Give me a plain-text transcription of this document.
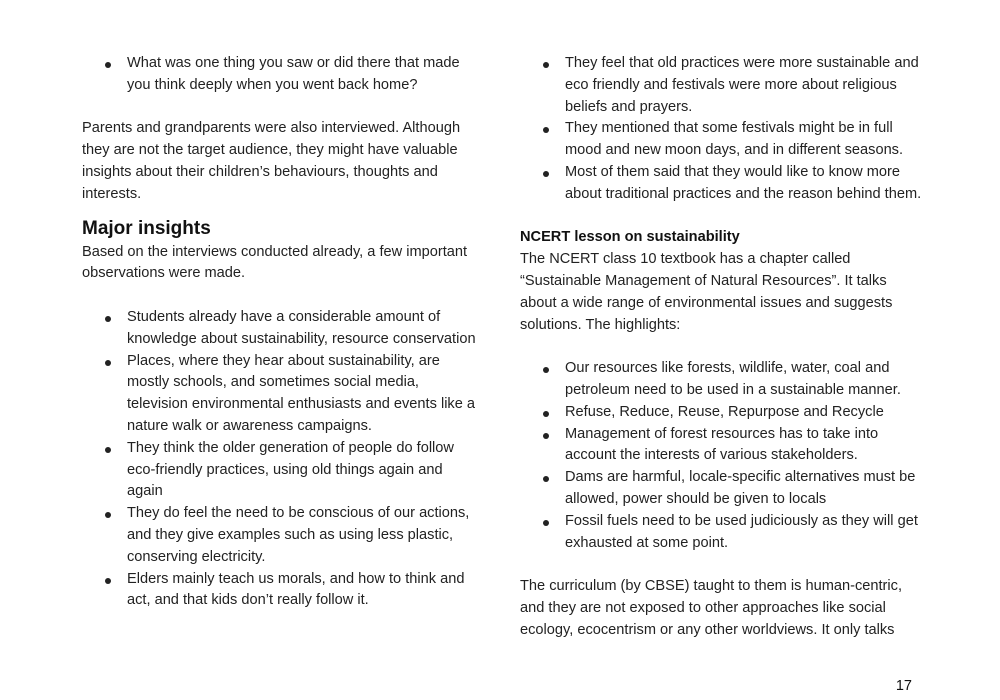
What was one thing you saw or did there that made you think deeply when you went back home?

Parents and grandparents were also interviewed. Although they are not the target audience, they might have valuable insights about their children’s behaviours, thoughts and interests.

Major insights

Based on the interviews conducted already, a few important observations were made.

Students already have a considerable amount of knowledge about sustainability, resource conservation
Places, where they hear about sustainability, are mostly schools, and sometimes social media, television environmental enthusiasts and events like a nature walk or awareness campaigns.
They think the older generation of people do follow eco-friendly practices, using old things again and again
They do feel the need to be conscious of our actions, and they give examples such as using less plastic, conserving electricity.
Elders mainly teach us morals, and how to think and act, and that kids don’t really follow it.
They feel that old practices were more sustainable and eco friendly and festivals were more about religious beliefs and prayers.
They mentioned that some festivals might be in full mood and new moon days, and in different seasons.
Most of them said that they would like to know more about traditional practices and the reason behind them.

NCERT lesson on sustainability

The NCERT class 10 textbook has a chapter called “Sustainable Management of Natural Resources”. It talks about a wide range of environmental issues and suggests solutions. The highlights:

Our resources like forests, wildlife, water, coal and petroleum need to be used in a sustainable manner.
Refuse, Reduce, Reuse, Repurpose and Recycle
Management of forest resources has to take into account the interests of various stakeholders.
Dams are harmful, locale-specific alternatives must be allowed, power should be given to locals
Fossil fuels need to be used judiciously as they will get exhausted at some point.

The curriculum (by CBSE) taught to them is human-centric, and they are not exposed to other approaches like social ecology, ecocentrism or any other worldviews. It only talks

17
